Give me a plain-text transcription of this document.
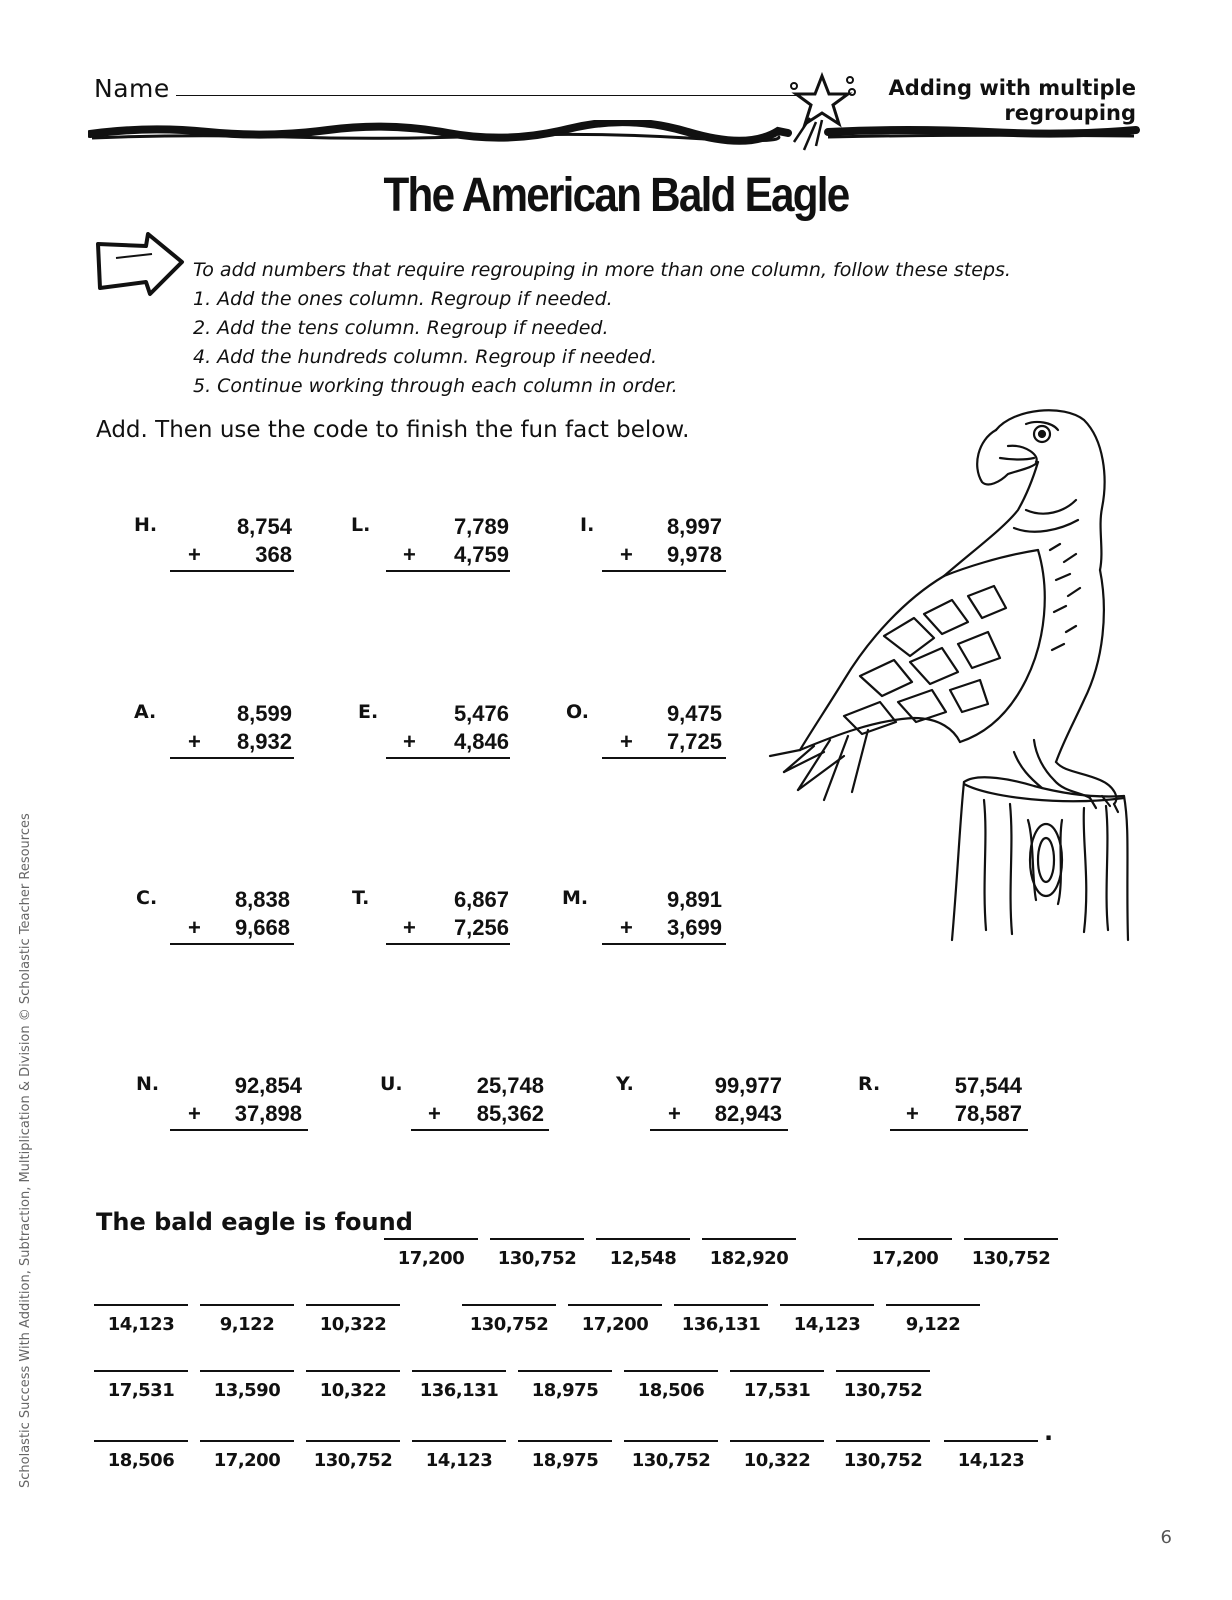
Name	Adding with multiple
regrouping
The American Bald Eagle
To add numbers that require regrouping in more than one column, follow these steps.
1. Add the ones column. Regroup if needed.
2. Add the tens column. Regroup if needed.
4. Add the hundreds column. Regroup if needed.
5. Continue working through each column in order.
Add. Then use the code to finish the fun fact below.
H.	8,754
+ 368
L.	7,789
+ 4,759
I.	8,997
+ 9,978
A.	8,599
+ 8,932
E.	5,476
+ 4,846
O.	9,475
+ 7,725
C.	8,838
+ 9,668
T.	6,867
+ 7,256
M.	9,891
+ 3,699
N.	92,854
+ 37,898
U.	25,748
+ 85,362
Y.	99,977
+ 82,943
R.	57,544
+ 78,587
The bald eagle is found
17,200	130,752	12,548	182,920	17,200	130,752
14,123	9,122	10,322	130,752	17,200	136,131	14,123	9,122
17,531	13,590	10,322	136,131	18,975	18,506	17,531	130,752
18,506	17,200	130,752	14,123	18,975	130,752	10,322	130,752	14,123
.
Scholastic Success With Addition, Subtraction, Multiplication & Division © Scholastic Teacher Resources
6
